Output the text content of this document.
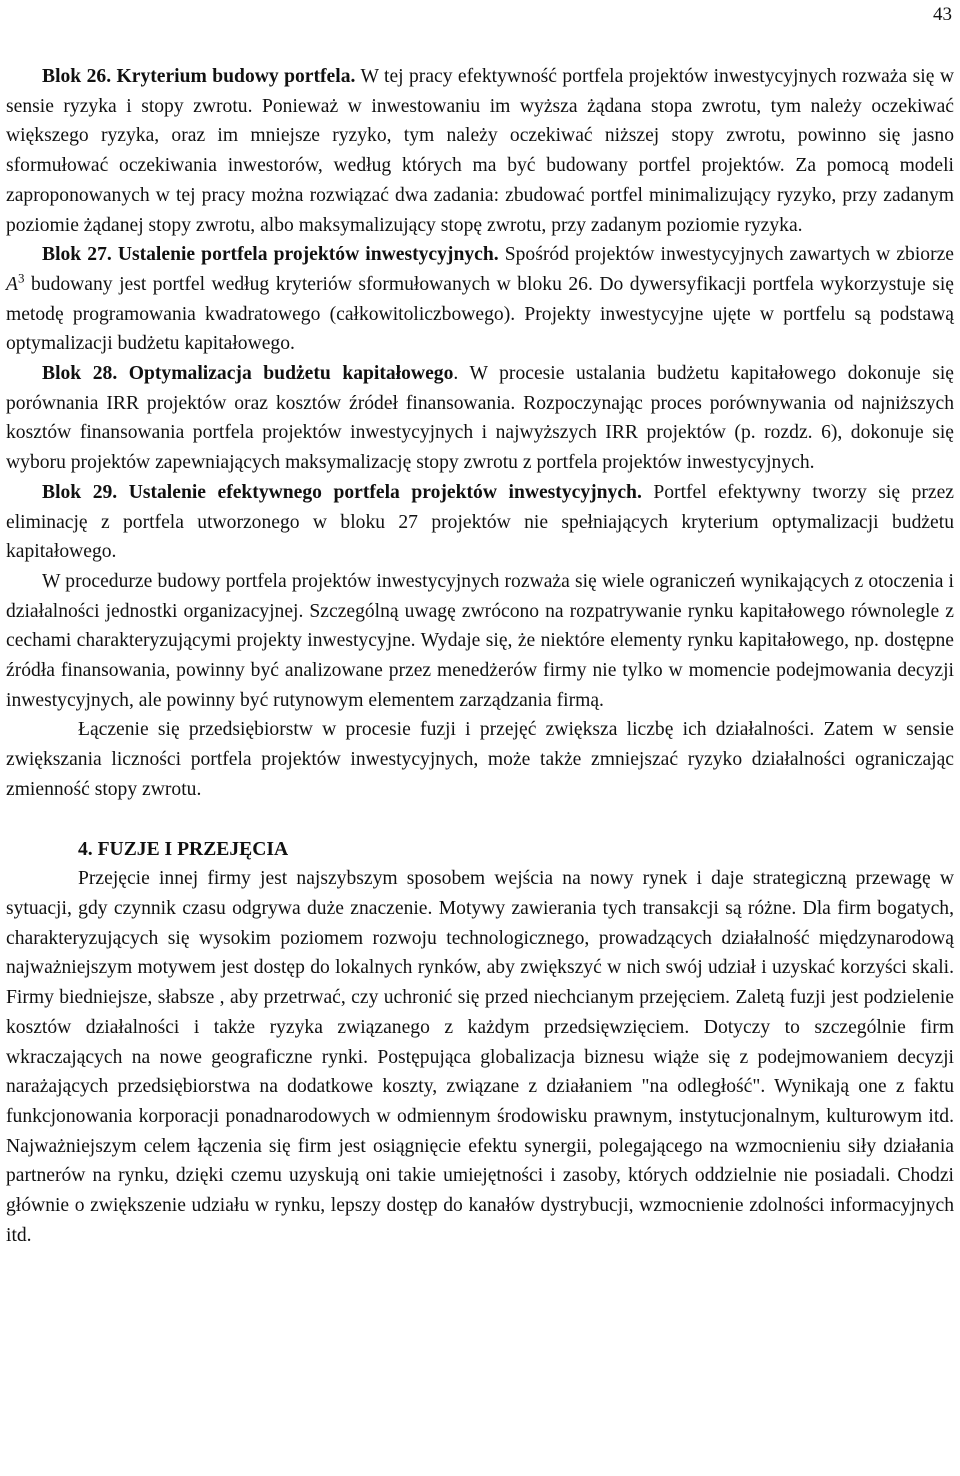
43

Blok 26. Kryterium budowy portfela. W tej pracy efektywność portfela projektów inwestycyjnych rozważa się w sensie ryzyka i stopy zwrotu. Ponieważ w inwestowaniu im wyższa żądana stopa zwrotu, tym należy oczekiwać większego ryzyka, oraz im mniejsze ryzyko, tym należy oczekiwać niższej stopy zwrotu, powinno się jasno sformułować oczekiwania inwestorów, według których ma być budowany portfel projektów. Za pomocą modeli zaproponowanych w tej pracy można rozwiązać dwa zadania: zbudować portfel minimalizujący ryzyko, przy zadanym poziomie żądanej stopy zwrotu, albo maksymalizujący stopę zwrotu, przy zadanym poziomie ryzyka.

Blok 27. Ustalenie portfela projektów inwestycyjnych. Spośród projektów inwestycyjnych zawartych w zbiorze $A^3$ budowany jest portfel według kryteriów sformułowanych w bloku 26. Do dywersyfikacji portfela wykorzystuje się metodę programowania kwadratowego (całkowitoliczbowego). Projekty inwestycyjne ujęte w portfelu są podstawą optymalizacji budżetu kapitałowego.

Blok 28. Optymalizacja budżetu kapitałowego. W procesie ustalania budżetu kapitałowego dokonuje się porównania IRR projektów oraz kosztów źródeł finansowania. Rozpoczynając proces porównywania od najniższych kosztów finansowania portfela projektów inwestycyjnych i najwyższych IRR projektów (p. rozdz. 6), dokonuje się wyboru projektów zapewniających maksymalizację stopy zwrotu z portfela projektów inwestycyjnych.

Blok 29. Ustalenie efektywnego portfela projektów inwestycyjnych. Portfel efektywny tworzy się przez eliminację z portfela utworzonego w bloku 27 projektów nie spełniających kryterium optymalizacji budżetu kapitałowego.

W procedurze budowy portfela projektów inwestycyjnych rozważa się wiele ograniczeń wynikających z otoczenia i działalności jednostki organizacyjnej. Szczególną uwagę zwrócono na rozpatrywanie rynku kapitałowego równolegle z cechami charakteryzującymi projekty inwestycyjne. Wydaje się, że niektóre elementy rynku kapitałowego, np. dostępne źródła finansowania, powinny być analizowane przez menedżerów firmy nie tylko w momencie podejmowania decyzji inwestycyjnych, ale powinny być rutynowym elementem zarządzania firmą.

Łączenie się przedsiębiorstw w procesie fuzji i przejęć zwiększa liczbę ich działalności. Zatem w sensie zwiększania liczności portfela projektów inwestycyjnych, może także zmniejszać ryzyko działalności ograniczając zmienność stopy zwrotu.

4. FUZJE I PRZEJĘCIA

Przejęcie innej firmy jest najszybszym sposobem wejścia na nowy rynek i daje strategiczną przewagę w sytuacji, gdy czynnik czasu odgrywa duże znaczenie. Motywy zawierania tych transakcji są różne. Dla firm bogatych, charakteryzujących się wysokim poziomem rozwoju technologicznego, prowadzących działalność międzynarodową najważniejszym motywem jest dostęp do lokalnych rynków, aby zwiększyć w nich swój udział i uzyskać korzyści skali. Firmy biedniejsze, słabsze , aby przetrwać, czy uchronić się przed niechcianym przejęciem. Zaletą fuzji jest podzielenie kosztów działalności i także ryzyka związanego z każdym przedsięwzięciem. Dotyczy to szczególnie firm wkraczających na nowe geograficzne rynki. Postępująca globalizacja biznesu wiąże się z podejmowaniem decyzji narażających przedsiębiorstwa na dodatkowe koszty, związane z działaniem "na odległość". Wynikają one z faktu funkcjonowania korporacji ponadnarodowych w odmiennym środowisku prawnym, instytucjonalnym, kulturowym itd. Najważniejszym celem łączenia się firm jest osiągnięcie efektu synergii, polegającego na wzmocnieniu siły działania partnerów na rynku, dzięki czemu uzyskują oni takie umiejętności i zasoby, których oddzielnie nie posiadali. Chodzi głównie o zwiększenie udziału w rynku, lepszy dostęp do kanałów dystrybucji, wzmocnienie zdolności informacyjnych itd.
